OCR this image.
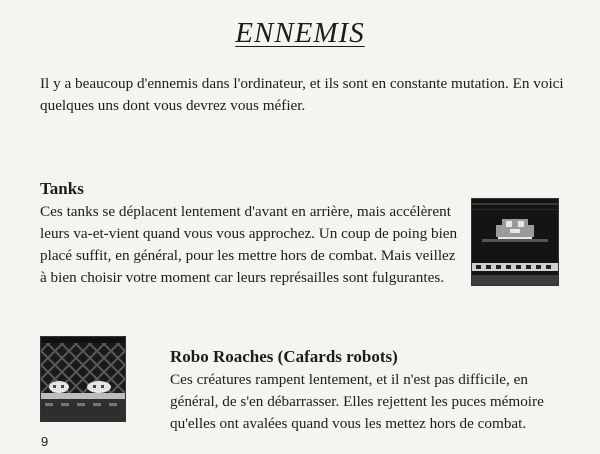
ENNEMIS
Il y a beaucoup d'ennemis dans l'ordinateur, et ils sont en constante mutation. En voici quelques uns dont vous devrez vous méfier.
Tanks
Ces tanks se déplacent lentement d'avant en arrière, mais accélèrent leurs va-et-vient quand vous vous approchez. Un coup de poing bien placé suffit, en général, pour les mettre hors de combat. Mais veillez à bien choisir votre moment car leurs représailles sont fulgurantes.
Robo Roaches (Cafards robots)
Ces créatures rampent lentement, et il n'est pas difficile, en général, de s'en débarrasser. Elles rejettent les puces mémoire qu'elles ont avalées quand vous les mettez hors de combat.
9
